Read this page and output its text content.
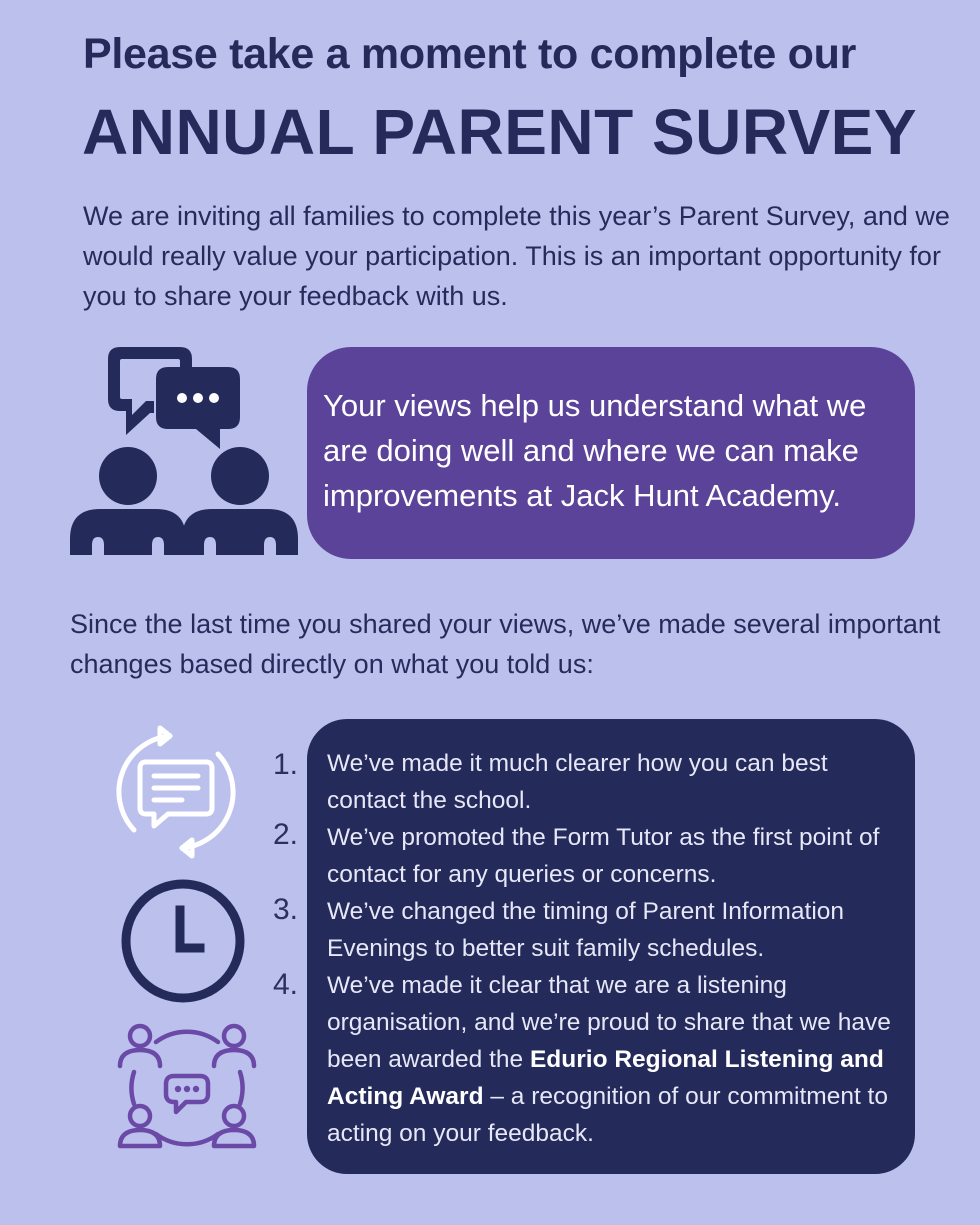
Please take a moment to complete our
ANNUAL PARENT SURVEY
We are inviting all families to complete this year’s Parent Survey, and we would really value your participation. This is an important opportunity for you to share your feedback with us.
Your views help us understand what we are doing well and where we can make improvements at Jack Hunt Academy.
Since the last time you shared your views, we’ve made several important changes based directly on what you told us:
1.
2.
3.
4.
We’ve made it much clearer how you can best contact the school.
We’ve promoted the Form Tutor as the first point of contact for any queries or concerns.
We’ve changed the timing of Parent Information Evenings to better suit family schedules.
We’ve made it clear that we are a listening organisation, and we’re proud to share that we have been awarded the Edurio Regional Listening and Acting Award – a recognition of our commitment to acting on your feedback.
